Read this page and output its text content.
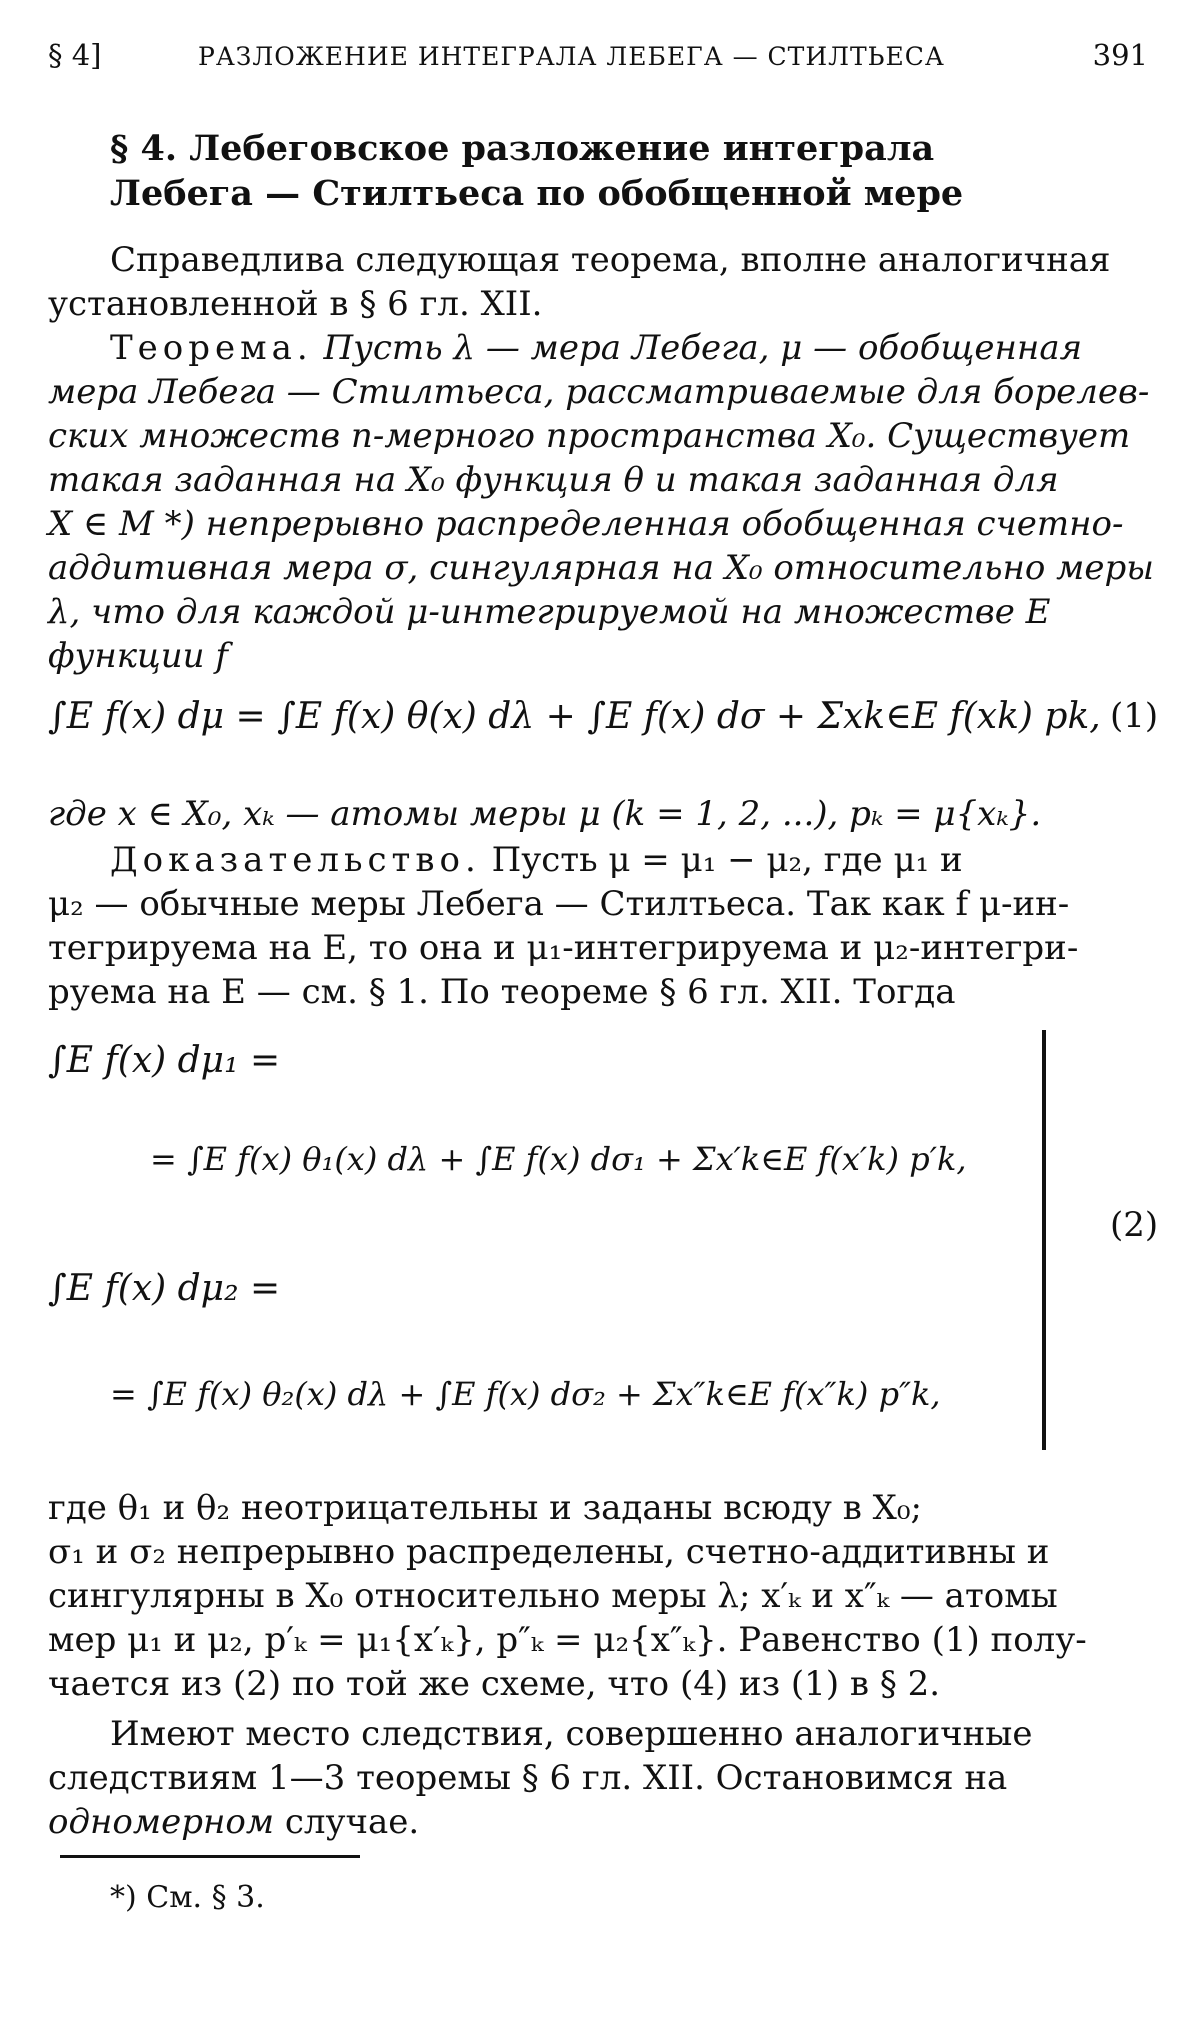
§ 4]	РАЗЛОЖЕНИЕ ИНТЕГРАЛА ЛЕБЕГА — СТИЛТЬЕСА	391
§ 4. Лебеговское разложение интеграла
Лебега — Стилтьеса по обобщенной мере
Справедлива следующая теорема, вполне аналогичная
установленной в § 6 гл. XII.
Теорема. Пусть λ — мера Лебега, μ — обобщенная
мера Лебега — Стилтьеса, рассматриваемые для борелев-
ских множеств n-мерного пространства X₀. Существует
такая заданная на X₀ функция θ и такая заданная для
X ∈ M *) непрерывно распределенная обобщенная счетно-
аддитивная мера σ, сингулярная на X₀ относительно меры
λ, что для каждой μ-интегрируемой на множестве E
функции f
∫E f(x) dμ = ∫E f(x) θ(x) dλ + ∫E f(x) dσ + Σxk∈E f(xk) pk, (1)
где x ∈ X₀, xₖ — атомы меры μ (k = 1, 2, ...), pₖ = μ{xₖ}.
Доказательство. Пусть μ = μ₁ − μ₂, где μ₁ и
μ₂ — обычные меры Лебега — Стилтьеса. Так как f μ-ин-
тегрируема на E, то она и μ₁-интегрируема и μ₂-интегри-
руема на E — см. § 1. По теореме § 6 гл. XII. Тогда
∫E f(x) dμ₁ =
= ∫E f(x) θ₁(x) dλ + ∫E f(x) dσ₁ + Σx′k∈E f(x′k) p′k,
∫E f(x) dμ₂ =
= ∫E f(x) θ₂(x) dλ + ∫E f(x) dσ₂ + Σx″k∈E f(x″k) p″k,
(2)
где θ₁ и θ₂ неотрицательны и заданы всюду в X₀;
σ₁ и σ₂ непрерывно распределены, счетно-аддитивны и
сингулярны в X₀ относительно меры λ; x′ₖ и x″ₖ — атомы
мер μ₁ и μ₂, p′ₖ = μ₁{x′ₖ}, p″ₖ = μ₂{x″ₖ}. Равенство (1) полу-
чается из (2) по той же схеме, что (4) из (1) в § 2.
Имеют место следствия, совершенно аналогичные
следствиям 1—3 теоремы § 6 гл. XII. Остановимся на
одномерном случае.
*) См. § 3.
